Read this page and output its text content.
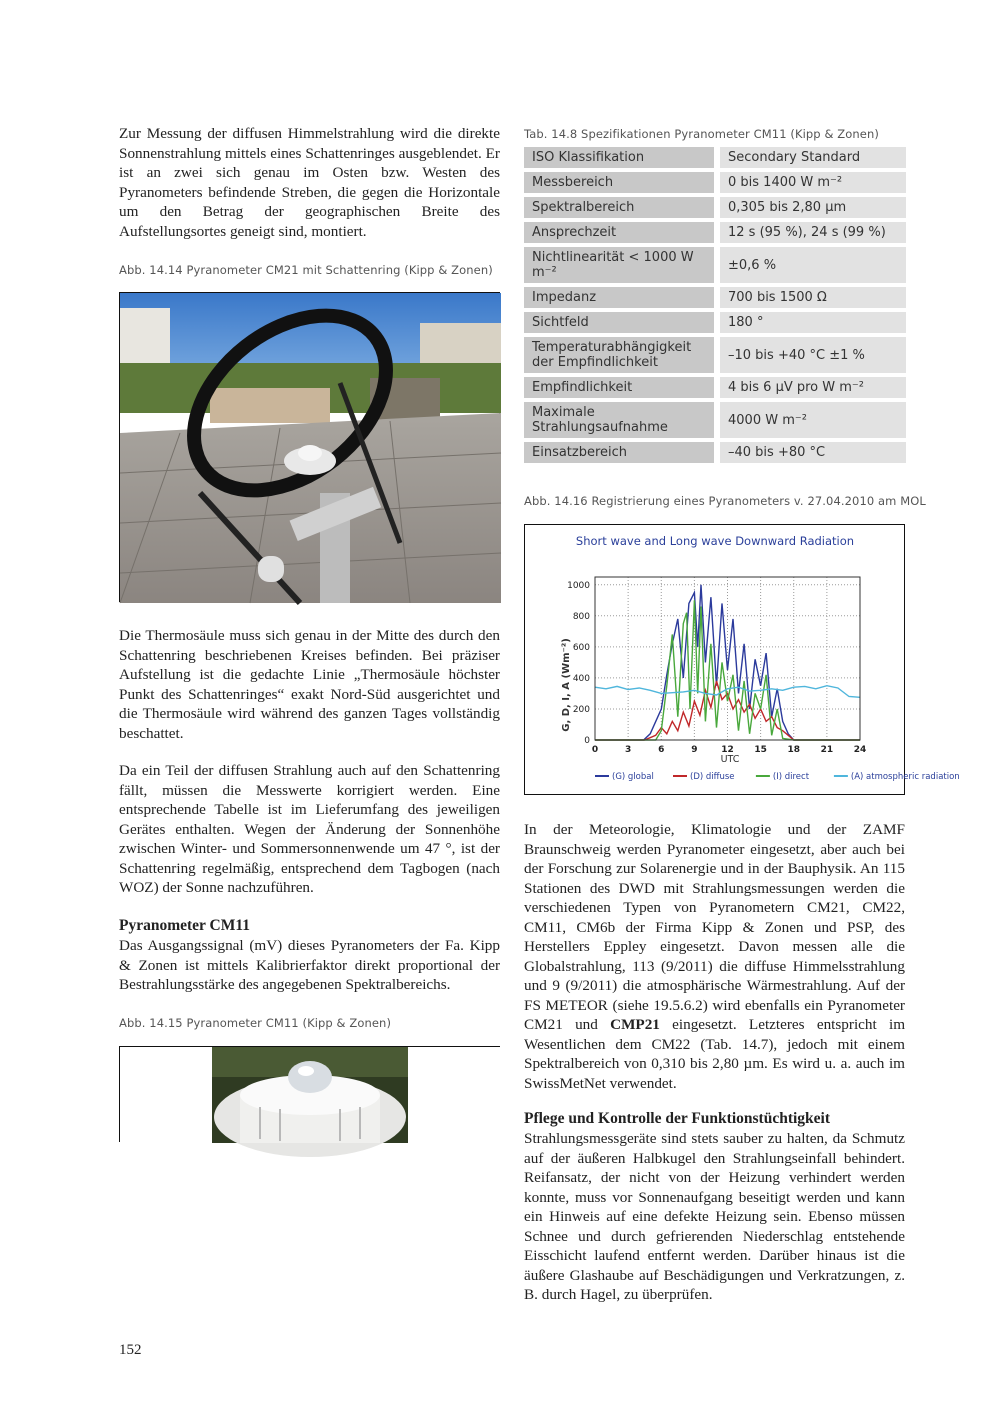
Zur Messung der diffusen Himmelstrahlung wird die direkte Sonnenstrahlung mittels eines Schattenringes ausgeblendet. Er ist an zwei sich genau im Osten bzw. Westen des Pyranometers befindende Streben, die gegen die Horizontale um den Betrag der geographischen Breite des Aufstellungsortes geneigt sind, montiert.
Abb. 14.14 Pyranometer CM21 mit Schattenring (Kipp & Zonen)
Die Thermosäule muss sich genau in der Mitte des durch den Schattenring beschriebenen Kreises befinden. Bei präziser Aufstellung ist die gedachte Linie „Thermosäule höchster Punkt des Schattenringes“ exakt Nord-Süd ausgerichtet und die Thermosäule wird während des ganzen Tages vollständig beschattet.
Da ein Teil der diffusen Strahlung auch auf den Schattenring fällt, müssen die Messwerte korrigiert werden. Eine entsprechende Tabelle ist im Lieferumfang des jeweiligen Gerätes enthalten. Wegen der Änderung der Sonnenhöhe zwischen Winter- und Sommersonnenwende um 47 °, ist der Schattenring regelmäßig, entsprechend dem Tagbogen (nach WOZ) der Sonne nachzuführen.
Pyranometer CM11
Das Ausgangssignal (mV) dieses Pyranometers der Fa. Kipp & Zonen ist mittels Kalibrierfaktor direkt proportional der Bestrahlungsstärke des angegebenen Spektralbereichs.
Abb. 14.15 Pyranometer CM11 (Kipp & Zonen)
Tab. 14.8 Spezifikationen Pyranometer CM11 (Kipp & Zonen)
ISO Klassifikation	Secondary Standard
Messbereich	0 bis 1400 W m⁻²
Spektralbereich	0,305 bis 2,80 µm
Ansprechzeit	12 s (95 %), 24 s (99 %)
Nichtlinearität < 1000 W m⁻²	±0,6 %
Impedanz	700 bis 1500 Ω
Sichtfeld	180 °
Temperaturabhängigkeit der Empfindlichkeit	–10 bis +40 °C ±1 %
Empfindlichkeit	4 bis 6 µV pro W m⁻²
Maximale Strahlungsaufnahme	4000 W m⁻²
Einsatzbereich	–40 bis +80 °C
Abb. 14.16 Registrierung eines Pyranometers v. 27.04.2010 am MOL
Short wave and Long wave Downward Radiation
G, D, I, A (Wm⁻²)
UTC
0
200
400
600
800
1000
0	3	6	9	12 15 18 21 24
(G) global	(D) diffuse	(I) direct	(A) atmospheric radiation
In der Meteorologie, Klimatologie und der ZAMF Braunschweig werden Pyranometer eingesetzt, aber auch bei der Forschung zur Solarenergie und in der Bauphysik. An 115 Stationen des DWD mit Strahlungsmessungen werden die verschiedenen Typen von Pyranometern CM21, CM22, CM11, CM6b der Firma Kipp & Zonen und PSP, des Herstellers Eppley eingesetzt. Davon messen alle die Globalstrahlung, 113 (9/2011) die diffuse Himmelsstrahlung und 9 (9/2011) die atmosphärische Wärmestrahlung. Auf der FS METEOR (siehe 19.5.6.2) wird ebenfalls ein Pyranometer CM21 und CMP21 eingesetzt. Letzteres entspricht im Wesentlichen dem CM22 (Tab. 14.7), jedoch mit einem Spektralbereich von 0,310 bis 2,80 µm. Es wird u. a. auch im SwissMetNet verwendet.
Pflege und Kontrolle der Funktionstüchtigkeit
Strahlungsmessgeräte sind stets sauber zu halten, da Schmutz auf der äußeren Halbkugel den Strahlungseinfall behindert. Reifansatz, der nicht von der Heizung verhindert werden konnte, muss vor Sonnenaufgang beseitigt werden und kann ein Hinweis auf eine defekte Heizung sein. Ebenso müssen Schnee und durch gefrierenden Niederschlag entstehende Eisschicht laufend entfernt werden. Darüber hinaus ist die äußere Glashaube auf Beschädigungen und Verkratzungen, z. B. durch Hagel, zu überprüfen.
152
